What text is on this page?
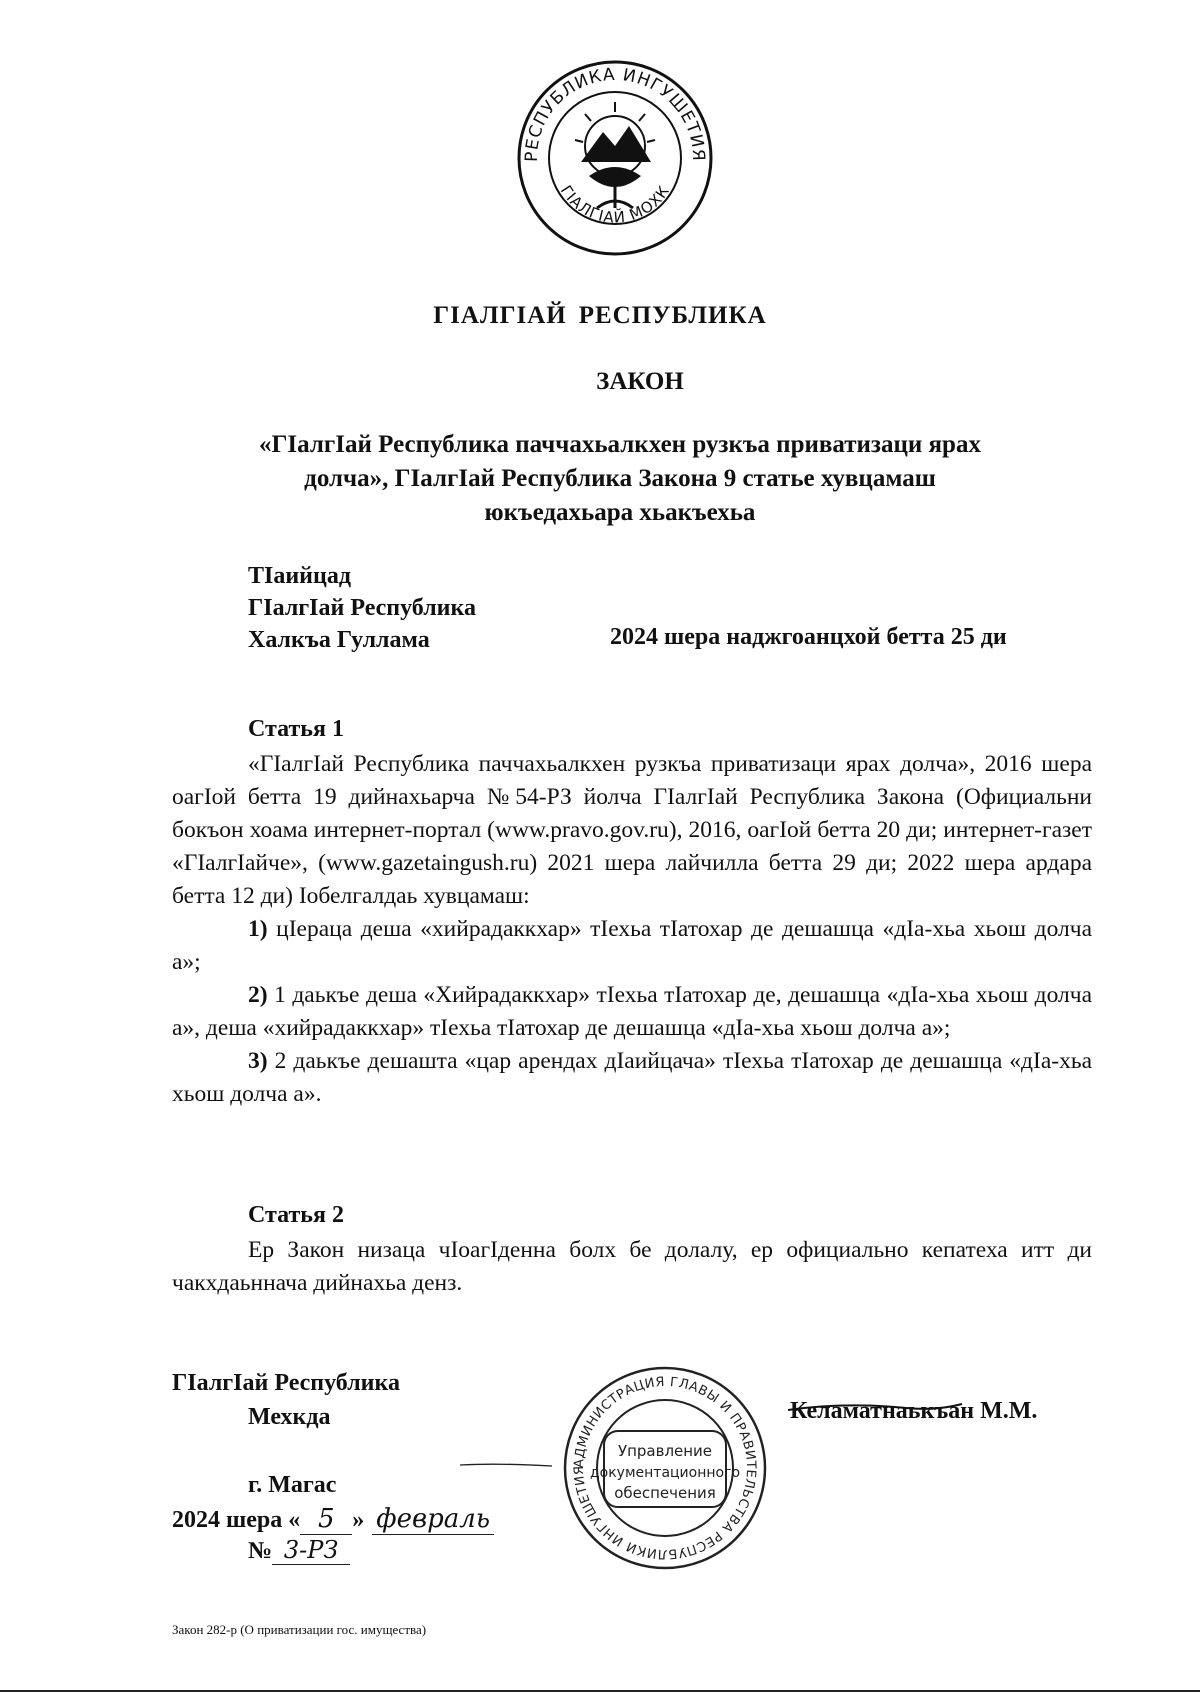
РЕСПУБЛИКА ИНГУШЕТИЯ
ГIАЛГIАЙ МОХК
ГIАЛГIАЙ РЕСПУБЛИКА
ЗАКОН
«ГIалгIай Республика паччахьалкхен рузкъа приватизаци ярах
долча», ГIалгIай Республика Закона 9 статье хувцамаш
юкъедахьара хьакъехьа
ТIаийцад
ГIалгIай Республика
Халкъа Гуллама	2024 шера наджгоанцхой бетта 25 ди
Статья 1

«ГIалгIай Республика паччахьалкхен рузкъа приватизаци ярах долча», 2016 шера оагIой бетта 19 дийнахьарча №54-РЗ йолча ГIалгIай Республика Закона (Официальни бокъон хоама интернет-портал (www.pravo.gov.ru), 2016, оагIой бетта 20 ди; интернет-газет «ГIалгIайче», (www.gazetaingush.ru) 2021 шера лайчилла бетта 29 ди; 2022 шера ардара бетта 12 ди) Iобелгалдаь хувцамаш:

1) цIераца деша «хийрадаккхар» тIехьа тIатохар де дешашца «дIа-хьа хьош долча а»;

2) 1 даькъе деша «Хийрадаккхар» тIехьа тIатохар де, дешашца «дIа-хьа хьош долча а», деша «хийрадаккхар» тIехьа тIатохар де дешашца «дIа-хьа хьош долча а»;

3) 2 даькъе дешашта «цар арендах дIаийцача» тIехьа тIатохар де дешашца «дIа-хьа хьош долча а».

Статья 2

Ер Закон низаца чIоагIденна болх бе долалу, ер официально кепатеха итт ди чакхдаьннача дийнахьа денз.

ГIалгIай Республика
Мехкда
г. Магас
2024 шера « 5 » февраль
№ 3-РЗ
АДМИНИСТРАЦИЯ ГЛАВЫ И ПРАВИТЕЛЬСТВА РЕСПУБЛИКИ ИНГУШЕТИЯ
Управление
документационного
обеспечения
Келаматнаькъан М.М.
Закон 282-р (О приватизации гос. имущества)
